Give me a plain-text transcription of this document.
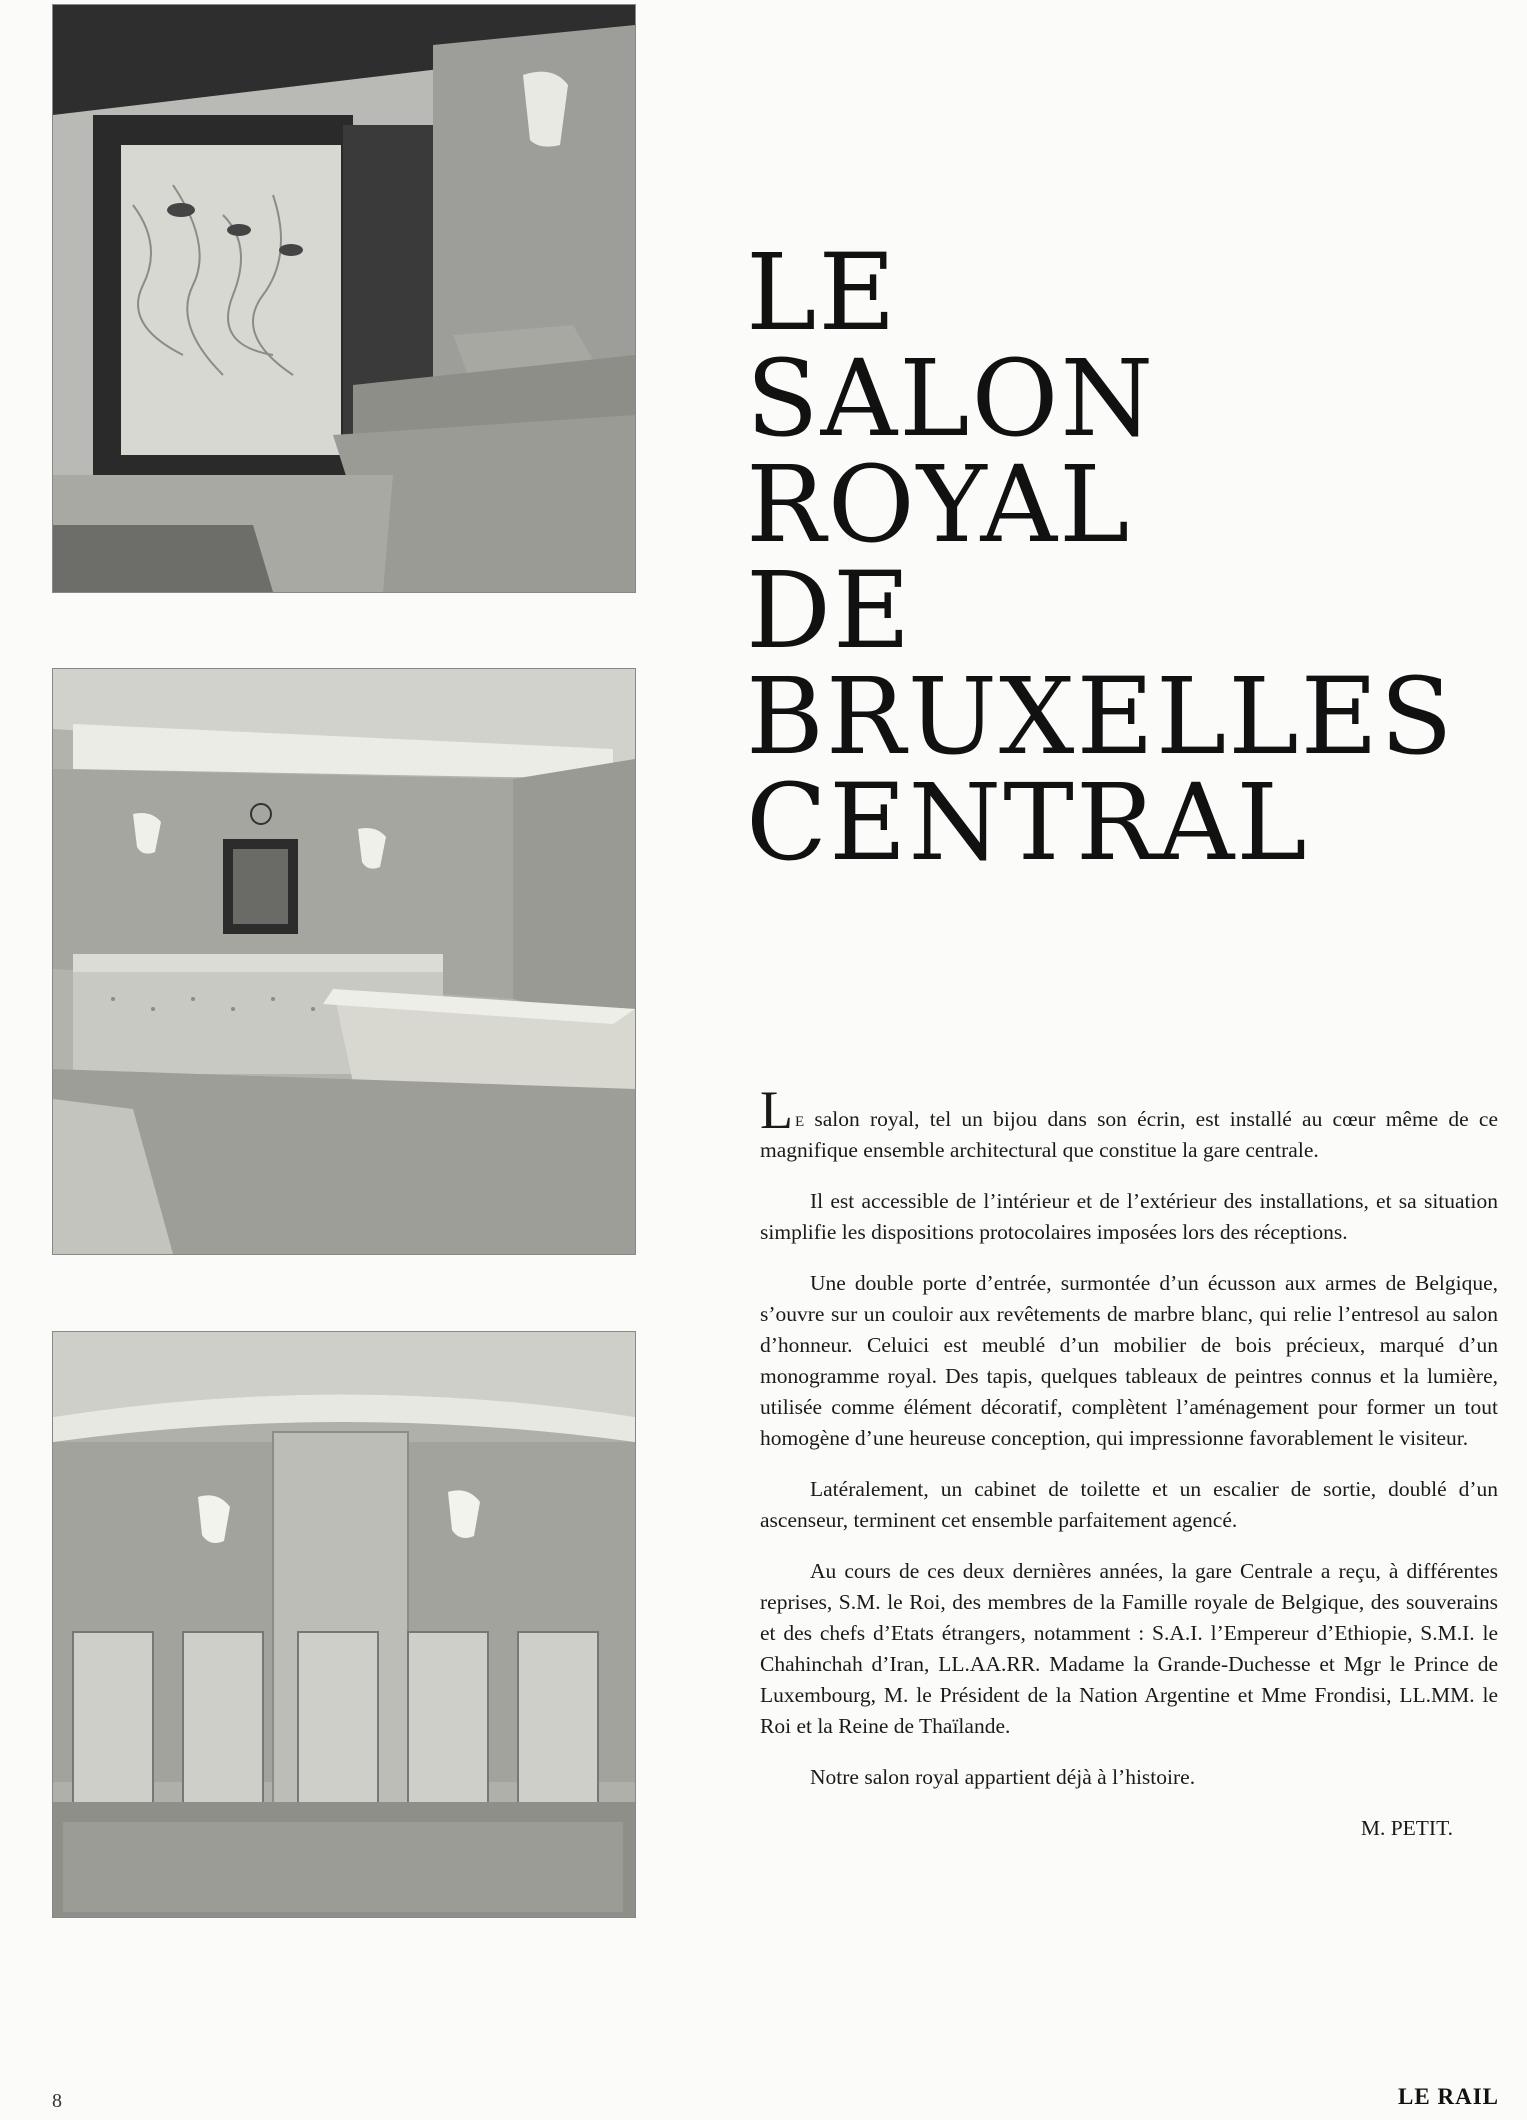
LE
SALON
ROYAL
DE
BRUXELLES
CENTRAL

Le salon royal, tel un bijou dans son écrin, est installé au cœur même de ce magnifique ensemble architectural que constitue la gare centrale.

Il est accessible de l’intérieur et de l’extérieur des installations, et sa situation simplifie les dispositions protocolaires imposées lors des réceptions.

Une double porte d’entrée, surmontée d’un écusson aux armes de Belgique, s’ouvre sur un couloir aux revêtements de marbre blanc, qui relie l’entresol au salon d’honneur. Celuici est meublé d’un mobilier de bois précieux, marqué d’un monogramme royal. Des tapis, quelques tableaux de peintres connus et la lumière, utilisée comme élément décoratif, complètent l’aménagement pour former un tout homogène d’une heureuse conception, qui impressionne favorablement le visiteur.

Latéralement, un cabinet de toilette et un escalier de sortie, doublé d’un ascenseur, terminent cet ensemble parfaitement agencé.

Au cours de ces deux dernières années, la gare Centrale a reçu, à différentes reprises, S.M. le Roi, des membres de la Famille royale de Belgique, des souverains et des chefs d’Etats étrangers, notamment : S.A.I. l’Empereur d’Ethiopie, S.M.I. le Chahinchah d’Iran, LL.AA.RR. Madame la Grande-Duchesse et Mgr le Prince de Luxembourg, M. le Président de la Nation Argentine et Mme Frondisi, LL.MM. le Roi et la Reine de Thaïlande.

Notre salon royal appartient déjà à l’histoire.

M. PETIT.
8	LE RAIL
